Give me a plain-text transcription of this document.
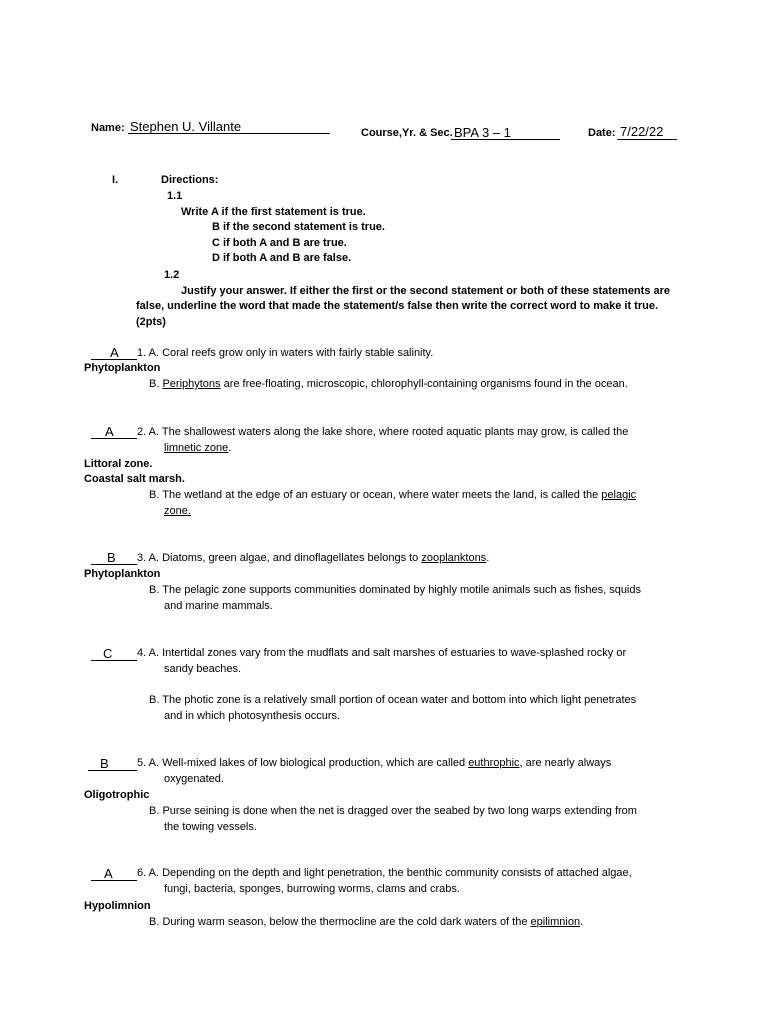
Name: Stephen U. Villante	Course,Yr. & Sec. BPA 3 – 1	Date: 7/22/22
I.	Directions:
1.1
Write A if the first statement is true.
B if the second statement is true.
C if both A and B are true.
D if both A and B are false.
1.2
Justify your answer. If either the first or the second statement or both of these statements are
false, underline the word that made the statement/s false then write the correct word to make it true.
(2pts)
A 1. A. Coral reefs grow only in waters with fairly stable salinity.
Phytoplankton
B. Periphytons are free-floating, microscopic, chlorophyll-containing organisms found in the ocean.
A 2. A. The shallowest waters along the lake shore, where rooted aquatic plants may grow, is called the
limnetic zone.
Littoral zone.
Coastal salt marsh.
B. The wetland at the edge of an estuary or ocean, where water meets the land, is called the pelagic
zone.
B 3. A. Diatoms, green algae, and dinoflagellates belongs to zooplanktons.
Phytoplankton
B. The pelagic zone supports communities dominated by highly motile animals such as fishes, squids
and marine mammals.
C 4. A. Intertidal zones vary from the mudflats and salt marshes of estuaries to wave-splashed rocky or
sandy beaches.
B. The photic zone is a relatively small portion of ocean water and bottom into which light penetrates
and in which photosynthesis occurs.
B	5. A. Well-mixed lakes of low biological production, which are called euthrophic, are nearly always
oxygenated.
Oligotrophic
B. Purse seining is done when the net is dragged over the seabed by two long warps extending from
the towing vessels.
A 6. A. Depending on the depth and light penetration, the benthic community consists of attached algae,
fungi, bacteria, sponges, burrowing worms, clams and crabs.
Hypolimnion
B. During warm season, below the thermocline are the cold dark waters of the epilimnion.
